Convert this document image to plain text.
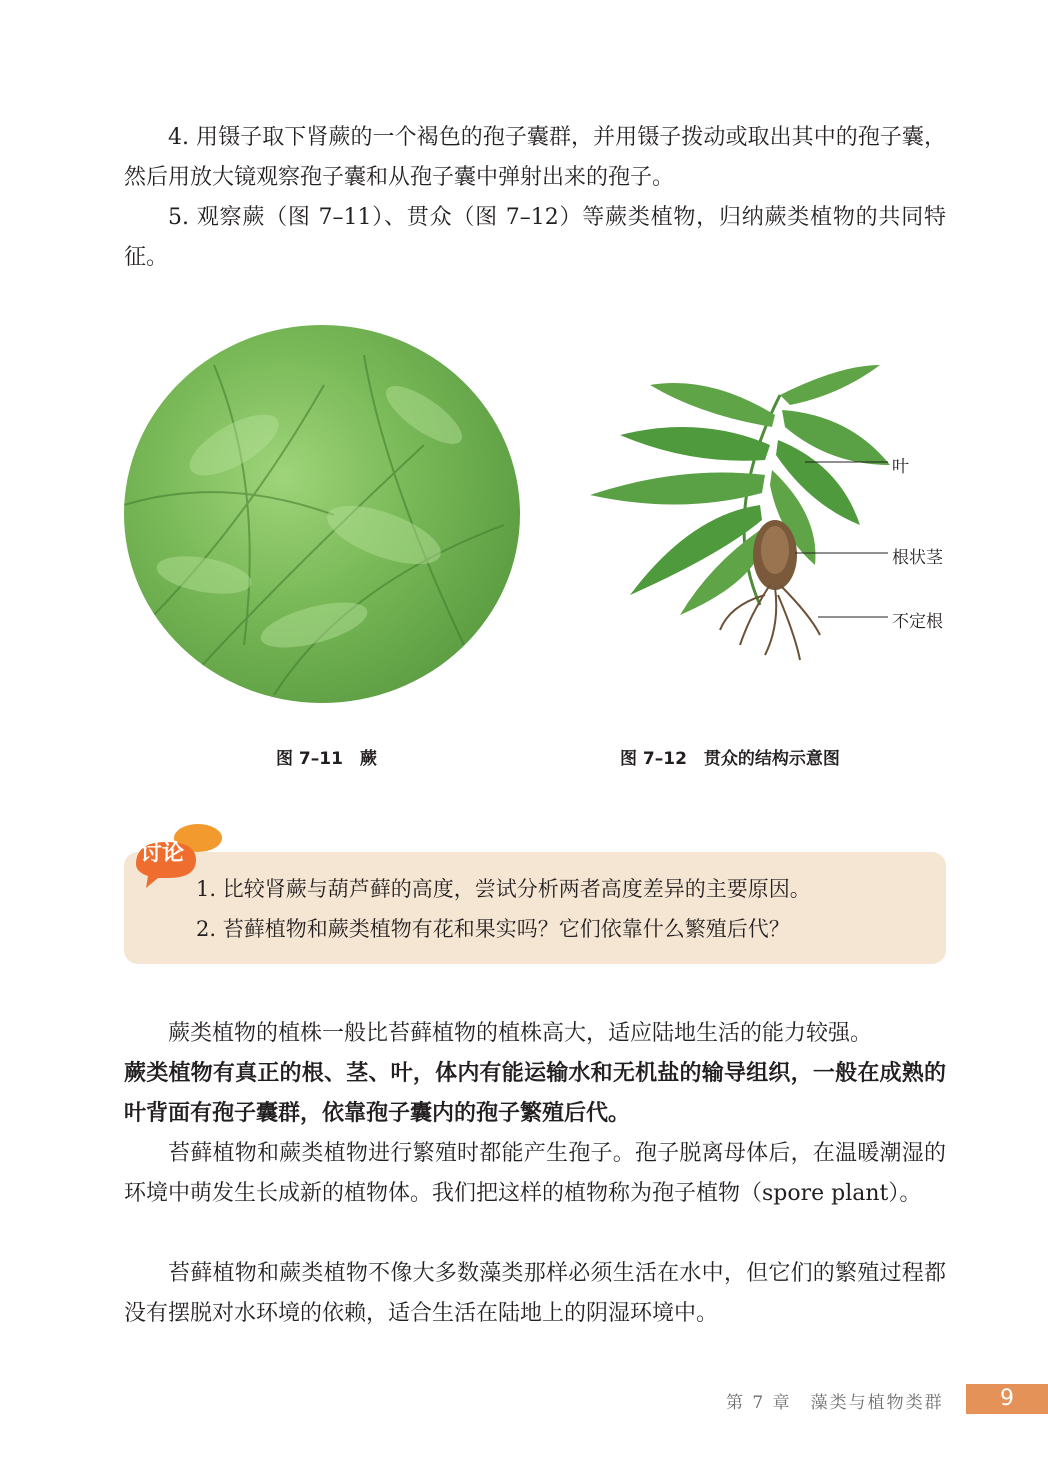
4. 用镊子取下肾蕨的一个褐色的孢子囊群，并用镊子拨动或取出其中的孢子囊，然后用放大镜观察孢子囊和从孢子囊中弹射出来的孢子。

5. 观察蕨（图 7–11）、贯众（图 7–12）等蕨类植物，归纳蕨类植物的共同特征。

叶
根状茎
不定根
图 7–11　蕨	图 7–12　贯众的结构示意图
讨论

1. 比较肾蕨与葫芦藓的高度，尝试分析两者高度差异的主要原因。

2. 苔藓植物和蕨类植物有花和果实吗？它们依靠什么繁殖后代？

蕨类植物的植株一般比苔藓植物的植株高大，适应陆地生活的能力较强。

蕨类植物有真正的根、茎、叶，体内有能运输水和无机盐的输导组织，一般在成熟的叶背面有孢子囊群，依靠孢子囊内的孢子繁殖后代。

苔藓植物和蕨类植物进行繁殖时都能产生孢子。孢子脱离母体后，在温暖潮湿的环境中萌发生长成新的植物体。我们把这样的植物称为孢子植物（spore plant）。

苔藓植物和蕨类植物不像大多数藻类那样必须生活在水中，但它们的繁殖过程都没有摆脱对水环境的依赖，适合生活在陆地上的阴湿环境中。

第 7 章　藻类与植物类群	9
